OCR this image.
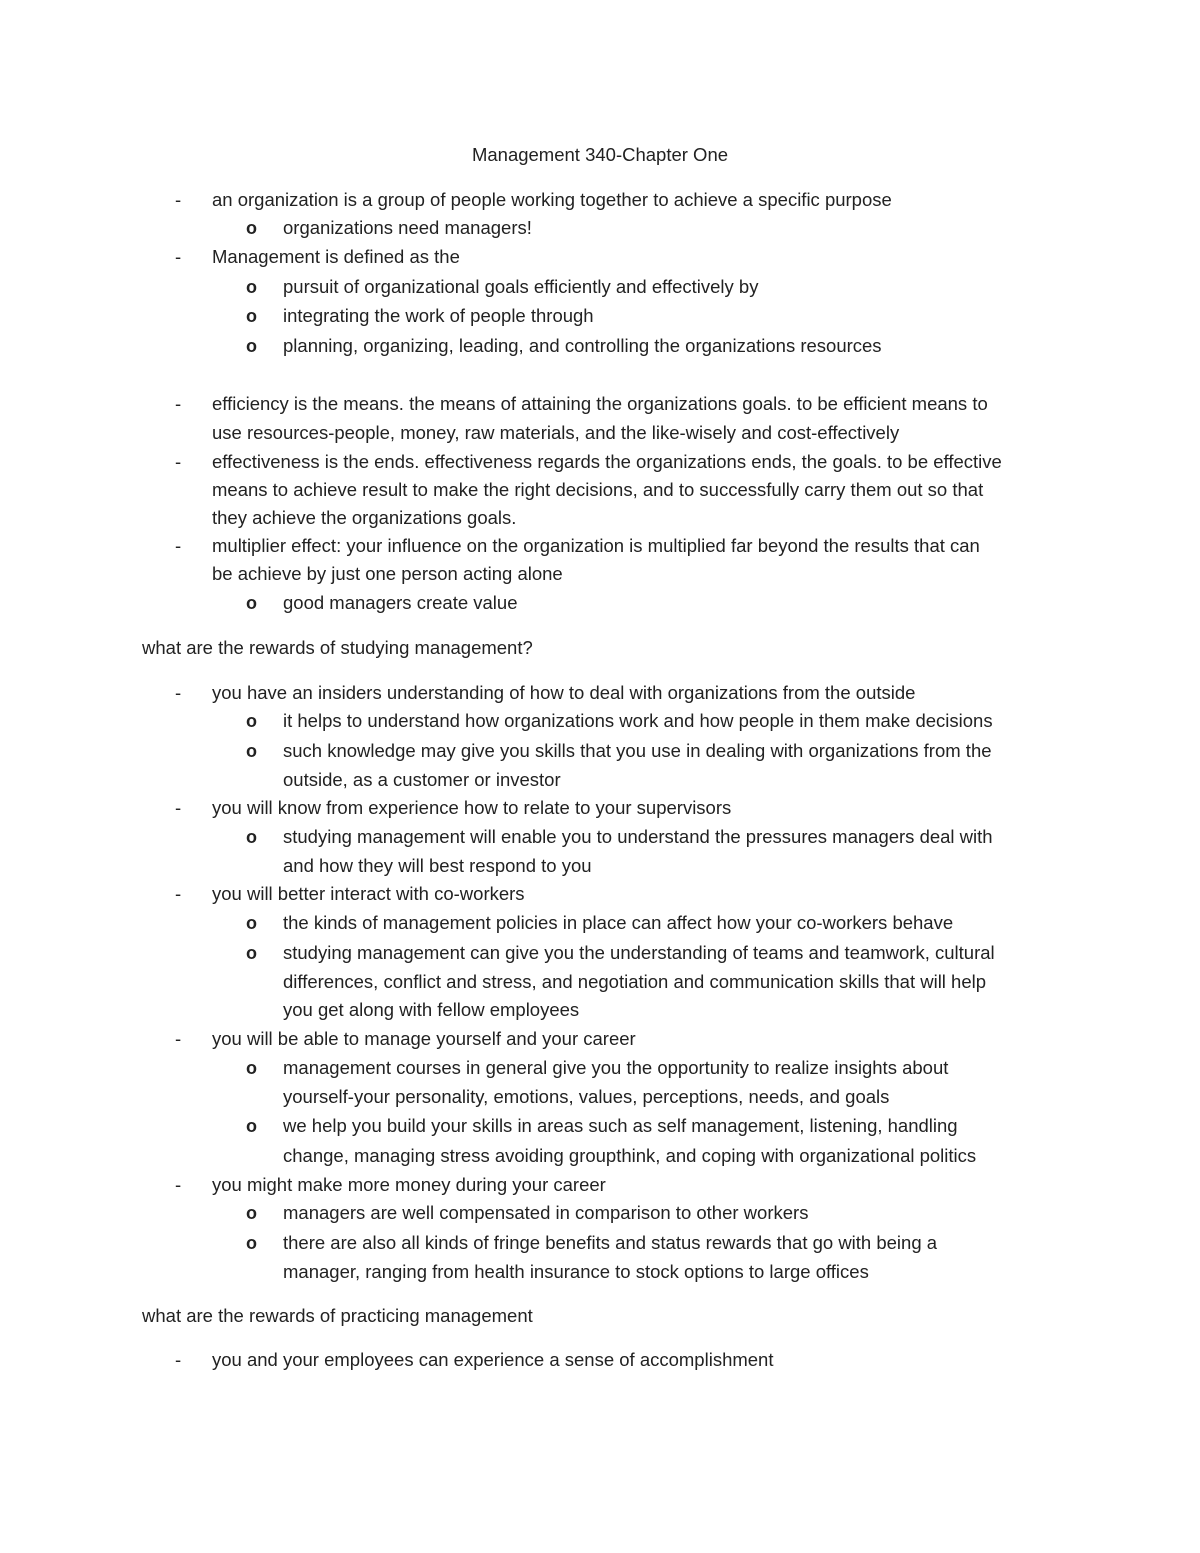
Management 340-Chapter One
- an organization is a group of people working together to achieve a specific purpose
o organizations need managers!
- Management is defined as the
o pursuit of organizational goals efficiently and effectively by
o integrating the work of people through
o planning, organizing, leading, and controlling the organizations resources
- efficiency is the means. the means of attaining the organizations goals. to be efficient means to
use resources-people, money, raw materials, and the like-wisely and cost-effectively
- effectiveness is the ends. effectiveness regards the organizations ends, the goals. to be effective
means to achieve result to make the right decisions, and to successfully carry them out so that
they achieve the organizations goals.
- multiplier effect: your influence on the organization is multiplied far beyond the results that can
be achieve by just one person acting alone
o good managers create value
what are the rewards of studying management?
- you have an insiders understanding of how to deal with organizations from the outside
o it helps to understand how organizations work and how people in them make decisions
o such knowledge may give you skills that you use in dealing with organizations from the
outside, as a customer or investor
- you will know from experience how to relate to your supervisors
o studying management will enable you to understand the pressures managers deal with
and how they will best respond to you
- you will better interact with co-workers
o the kinds of management policies in place can affect how your co-workers behave
o studying management can give you the understanding of teams and teamwork, cultural
differences, conflict and stress, and negotiation and communication skills that will help
you get along with fellow employees
- you will be able to manage yourself and your career
o management courses in general give you the opportunity to realize insights about
yourself-your personality, emotions, values, perceptions, needs, and goals
o we help you build your skills in areas such as self management, listening, handling
change, managing stress avoiding groupthink, and coping with organizational politics
- you might make more money during your career
o managers are well compensated in comparison to other workers
o there are also all kinds of fringe benefits and status rewards that go with being a
manager, ranging from health insurance to stock options to large offices
what are the rewards of practicing management
- you and your employees can experience a sense of accomplishment
